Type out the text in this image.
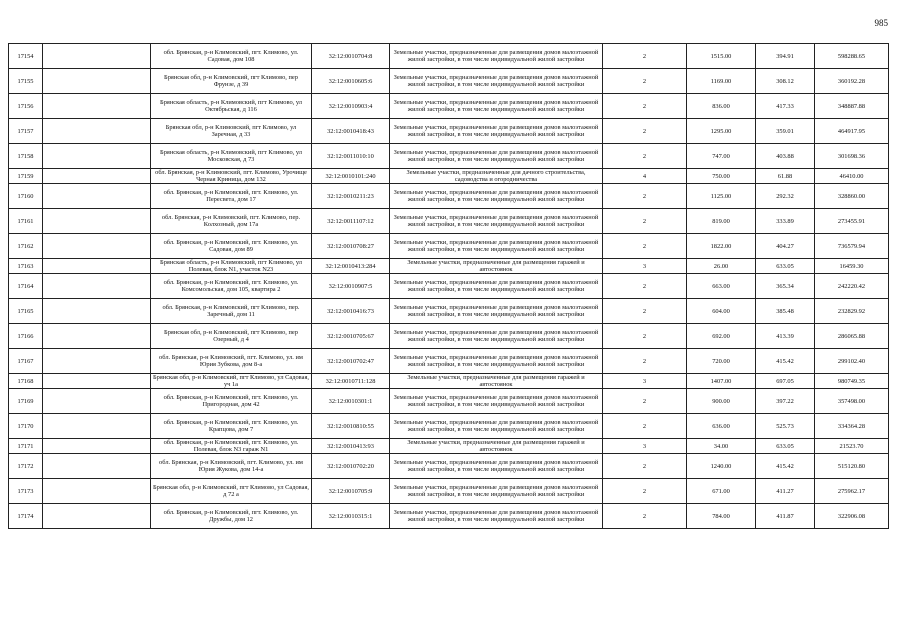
985
17154		обл. Брянская, р-н Климовский, пгт. Климово, ул. Садовая, дом 108	32:12:0010704:8	Земельные участки, предназначенные для размещения домов малоэтажной жилой застройки, в том числе индивидуальной жилой застройки	2	1515.00	394.91	598288.65
17155		Брянская обл, р-н Климовский, пгт Климово, пер Фрунзе, д 39	32:12:0010605:6	Земельные участки, предназначенные для размещения домов малоэтажной жилой застройки, в том числе индивидуальной жилой застройки	2	1169.00	308.12	360192.28
17156		Брянская область, р-н Климовский, пгт Климово, ул Октябрьская, д 116	32:12:0010903:4	Земельные участки, предназначенные для размещения домов малоэтажной жилой застройки, в том числе индивидуальной жилой застройки	2	836.00	417.33	348887.88
17157		Брянская обл, р-н Климовский, пгт Климово, ул Заречная, д 33	32:12:0010418:43	Земельные участки, предназначенные для размещения домов малоэтажной жилой застройки, в том числе индивидуальной жилой застройки	2	1295.00	359.01	464917.95
17158		Брянская область, р-н Климовский, пгт Климово, ул Московская, д 73	32:12:0011010:10	Земельные участки, предназначенные для размещения домов малоэтажной жилой застройки, в том числе индивидуальной жилой застройки	2	747.00	403.88	301698.36
17159		обл. Брянская, р-н Климовский, пгт. Климово, Урочище Черная Криница, дом 132	32:12:0010101:240	Земельные участки, предназначенные для дачного строительства, садоводства и огородничества	4	750.00	61.88	46410.00
17160		обл. Брянская, р-н Климовский, пгт. Климово, ул. Пересвета, дом 17	32:12:0010211:23	Земельные участки, предназначенные для размещения домов малоэтажной жилой застройки, в том числе индивидуальной жилой застройки	2	1125.00	292.32	328860.00
17161		обл. Брянская, р-н Климовский, пгт. Климово, пер. Колхозный, дом 17а	32:12:0011107:12	Земельные участки, предназначенные для размещения домов малоэтажной жилой застройки, в том числе индивидуальной жилой застройки	2	819.00	333.89	273455.91
17162		обл. Брянская, р-н Климовский, пгт. Климово, ул. Садовая, дом 89	32:12:0010708:27	Земельные участки, предназначенные для размещения домов малоэтажной жилой застройки, в том числе индивидуальной жилой застройки	2	1822.00	404.27	736579.94
17163		Брянская область, р-н Климовский, пгт Климово, ул Полевая, блок N1, участок N23	32:12:0010413:284	Земельные участки, предназначенные для размещения гаражей и автостоянок	3	26.00	633.05	16459.30
17164		обл. Брянская, р-н Климовский, пгт. Климово, ул. Комсомольская, дом 105, квартира 2	32:12:0010907:5	Земельные участки, предназначенные для размещения домов малоэтажной жилой застройки, в том числе индивидуальной жилой застройки	2	663.00	365.34	242220.42
17165		обл. Брянская, р-н Климовский, пгт Климово, пер. Заречный, дом 11	32:12:0010416:73	Земельные участки, предназначенные для размещения домов малоэтажной жилой застройки, в том числе индивидуальной жилой застройки	2	604.00	385.48	232829.92
17166		Брянская обл, р-н Климовский, пгт Климово, пер Озерный, д 4	32:12:0010705:67	Земельные участки, предназначенные для размещения домов малоэтажной жилой застройки, в том числе индивидуальной жилой застройки	2	692.00	413.39	286065.88
17167		обл. Брянская, р-н Климовский, пгт. Климово, ул. им Юрия Зубкова, дом 8-а	32:12:0010702:47	Земельные участки, предназначенные для размещения домов малоэтажной жилой застройки, в том числе индивидуальной жилой застройки	2	720.00	415.42	299102.40
17168		Брянская обл, р-н Климовский, пгт Климово, ул Садовая, уч 1а	32:12:0010711:128	Земельные участки, предназначенные для размещения гаражей и автостоянок	3	1407.00	697.05	980749.35
17169		обл. Брянская, р-н Климовский, пгт. Климово, ул. Пригородная, дом 42	32:12:0010301:1	Земельные участки, предназначенные для размещения домов малоэтажной жилой застройки, в том числе индивидуальной жилой застройки	2	900.00	397.22	357498.00
17170		обл. Брянская, р-н Климовский, пгт. Климово, ул. Крапцова, дом 7	32:12:0010810:55	Земельные участки, предназначенные для размещения домов малоэтажной жилой застройки, в том числе индивидуальной жилой застройки	2	636.00	525.73	334364.28
17171		обл. Брянская, р-н Климовский, пгт. Климово, ул. Полевая, блок N3 гараж N1	32:12:0010413:93	Земельные участки, предназначенные для размещения гаражей и автостоянок	3	34.00	633.05	21523.70
17172		обл. Брянская, р-н Климовский, пгт. Климово, ул. им Юрия Жукова, дом 14-а	32:12:0010702:20	Земельные участки, предназначенные для размещения домов малоэтажной жилой застройки, в том числе индивидуальной жилой застройки	2	1240.00	415.42	515120.80
17173		Брянская обл, р-н Климовский, пгт Климово, ул Садовая, д 72 а	32:12:0010705:9	Земельные участки, предназначенные для размещения домов малоэтажной жилой застройки, в том числе индивидуальной жилой застройки	2	671.00	411.27	275962.17
17174		обл. Брянская, р-н Климовский, пгт. Климово, ул. Дружбы, дом 12	32:12:0010315:1	Земельные участки, предназначенные для размещения домов малоэтажной жилой застройки, в том числе индивидуальной жилой застройки	2	784.00	411.87	322906.08
